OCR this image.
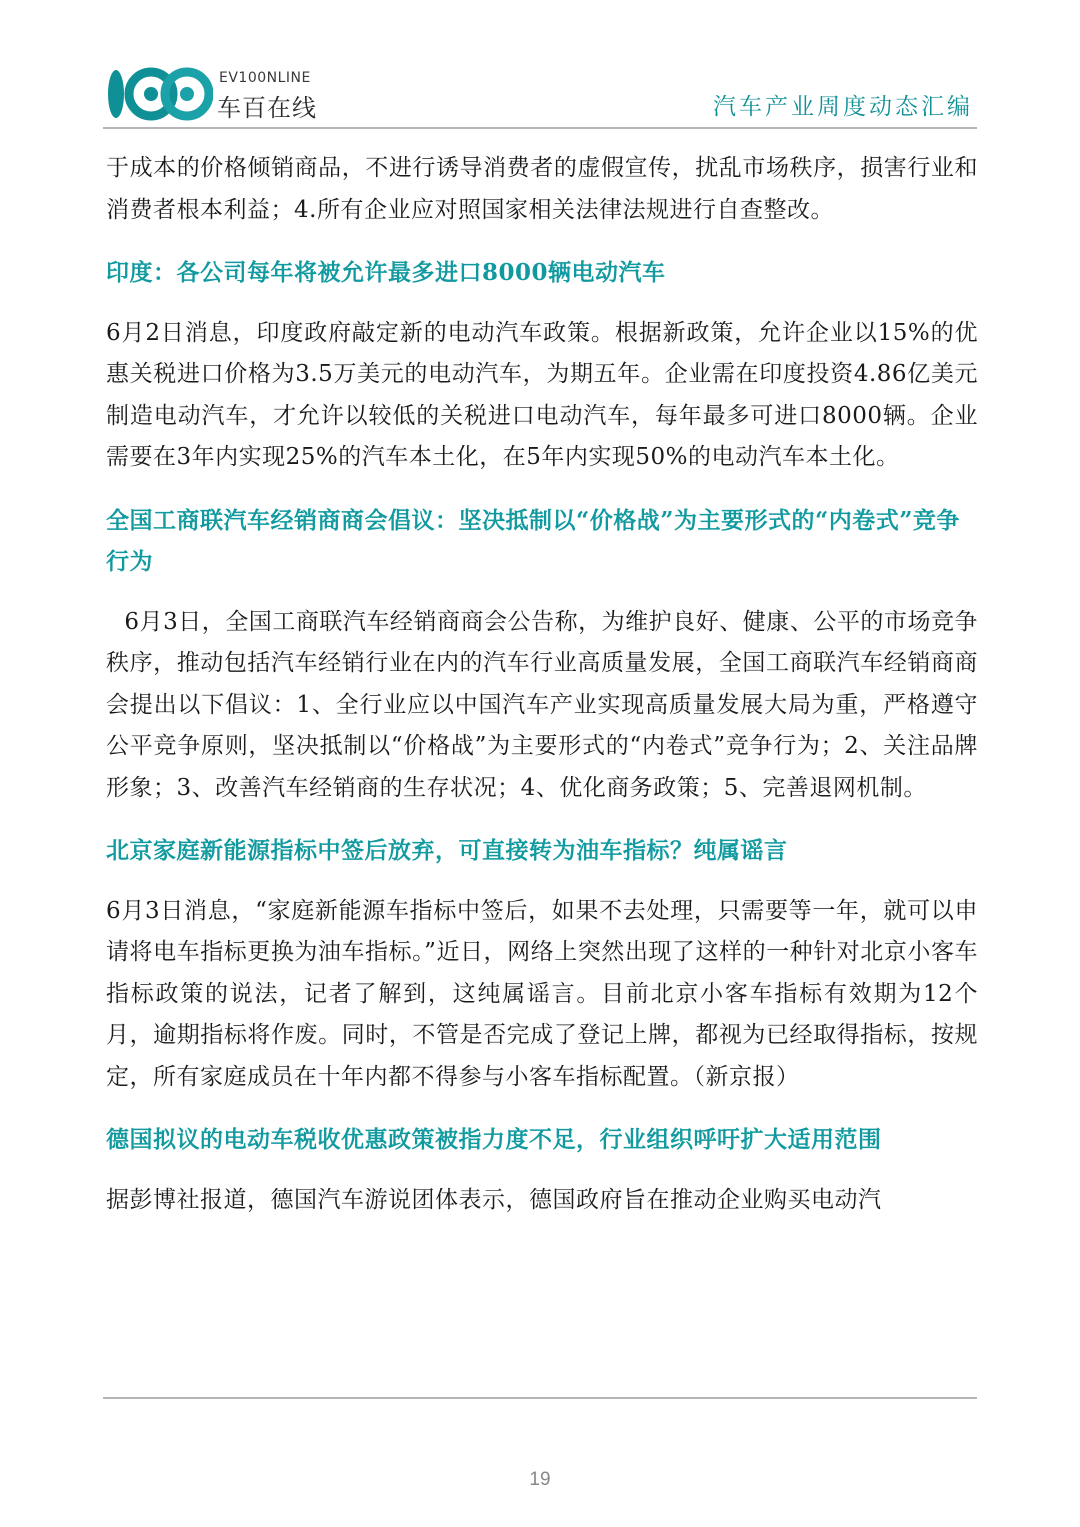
EV100NLINE
车百在线	汽车产业周度动态汇编

于成本的价格倾销商品，不进行诱导消费者的虚假宣传，扰乱市场秩序，损害行业和消费者根本利益；4.所有企业应对照国家相关法律法规进行自查整改。

印度：各公司每年将被允许最多进口8000辆电动汽车

6月2日消息，印度政府敲定新的电动汽车政策。根据新政策，允许企业以15%的优惠关税进口价格为3.5万美元的电动汽车，为期五年。企业需在印度投资4.86亿美元制造电动汽车，才允许以较低的关税进口电动汽车，每年最多可进口8000辆。企业需要在3年内实现25%的汽车本土化，在5年内实现50%的电动汽车本土化。

全国工商联汽车经销商商会倡议：坚决抵制以“价格战”为主要形式的“内卷式”竞争行为

6月3日，全国工商联汽车经销商商会公告称，为维护良好、健康、公平的市场竞争秩序，推动包括汽车经销行业在内的汽车行业高质量发展，全国工商联汽车经销商商会提出以下倡议：1、全行业应以中国汽车产业实现高质量发展大局为重，严格遵守公平竞争原则，坚决抵制以“价格战”为主要形式的“内卷式”竞争行为；2、关注品牌形象；3、改善汽车经销商的生存状况；4、优化商务政策；5、完善退网机制。

北京家庭新能源指标中签后放弃，可直接转为油车指标？纯属谣言

6月3日消息，“家庭新能源车指标中签后，如果不去处理，只需要等一年，就可以申请将电车指标更换为油车指标。”近日，网络上突然出现了这样的一种针对北京小客车指标政策的说法，记者了解到，这纯属谣言。目前北京小客车指标有效期为12个月，逾期指标将作废。同时，不管是否完成了登记上牌，都视为已经取得指标，按规定，所有家庭成员在十年内都不得参与小客车指标配置。（新京报）

德国拟议的电动车税收优惠政策被指力度不足，行业组织呼吁扩大适用范围

据彭博社报道，德国汽车游说团体表示，德国政府旨在推动企业购买电动汽

19
